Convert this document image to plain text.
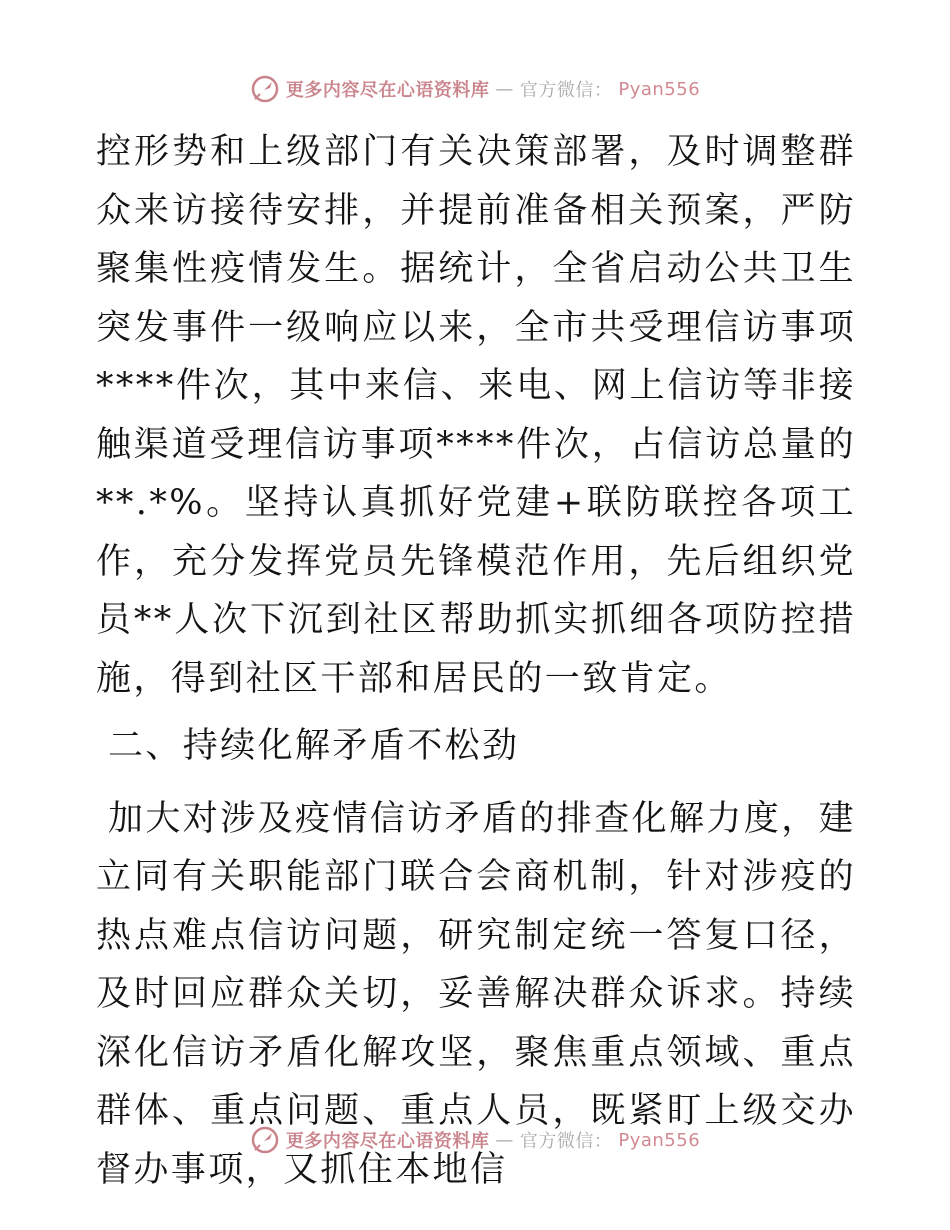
更多内容尽在心语资料库 — 官方微信： Pyan556

控形势和上级部门有关决策部署，及时调整群众来访接待安排，并提前准备相关预案，严防聚集性疫情发生。据统计，全省启动公共卫生突发事件一级响应以来，全市共受理信访事项****件次，其中来信、来电、网上信访等非接触渠道受理信访事项****件次，占信访总量的**.*%。坚持认真抓好党建+联防联控各项工作，充分发挥党员先锋模范作用，先后组织党员**人次下沉到社区帮助抓实抓细各项防控措施，得到社区干部和居民的一致肯定。

二、持续化解矛盾不松劲

加大对涉及疫情信访矛盾的排查化解力度，建立同有关职能部门联合会商机制，针对涉疫的热点难点信访问题，研究制定统一答复口径，及时回应群众关切，妥善解决群众诉求。持续深化信访矛盾化解攻坚，聚焦重点领域、重点群体、重点问题、重点人员，既紧盯上级交办督办事项，又抓住本地信

更多内容尽在心语资料库 — 官方微信： Pyan556
